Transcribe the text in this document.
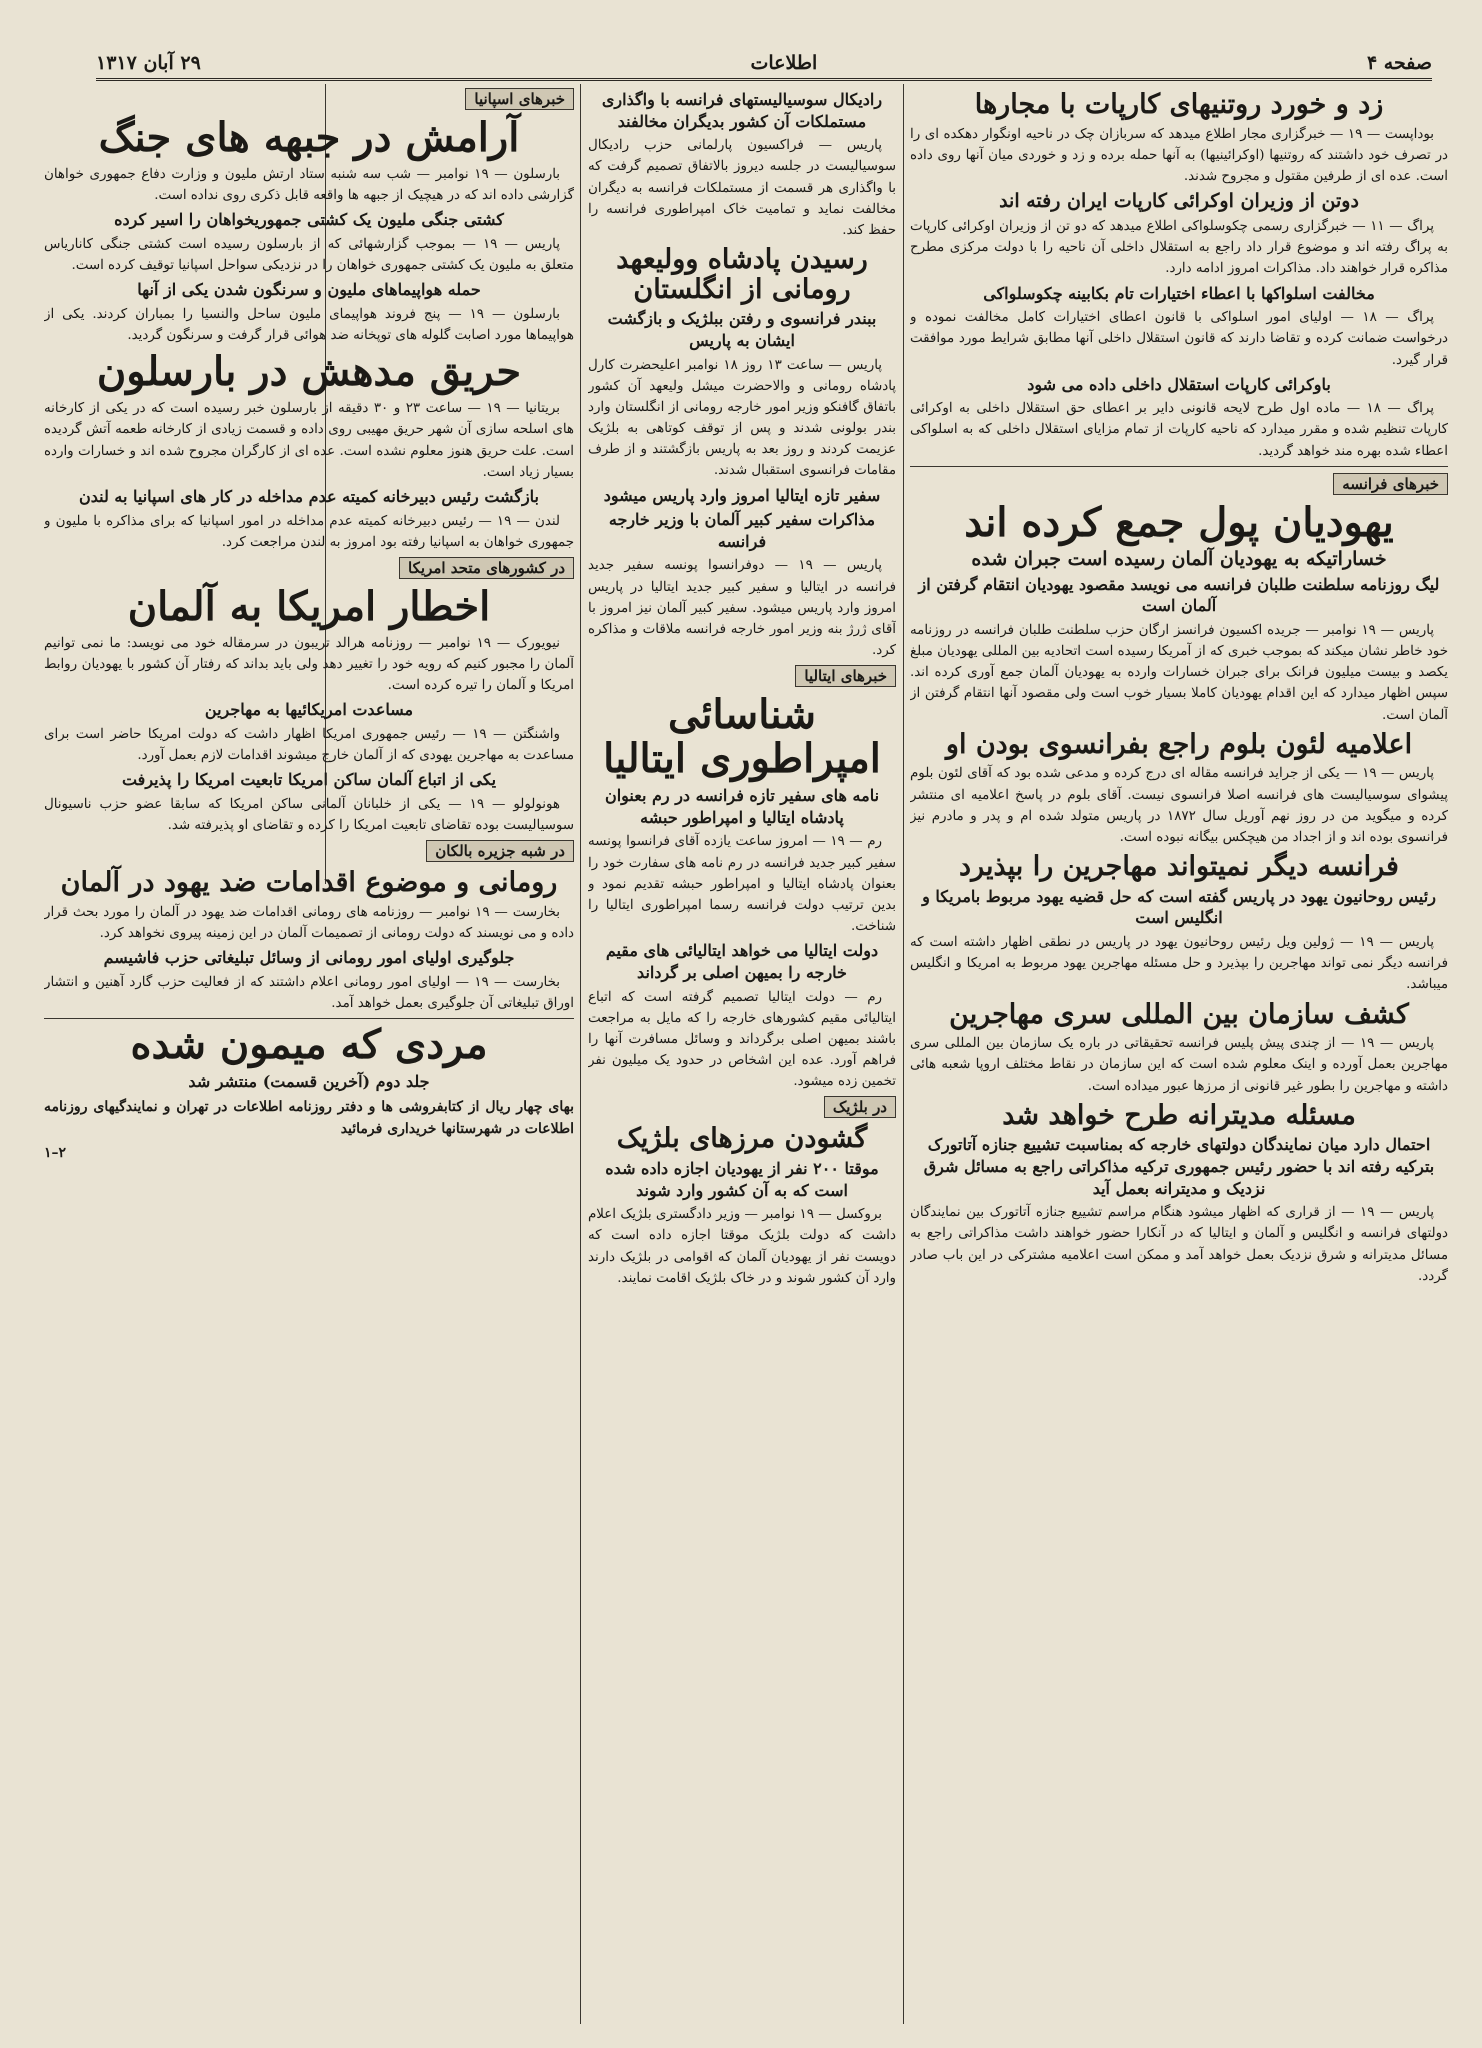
صفحه ۴
اطلاعات
۲۹ آبان ۱۳۱۷
زد و خورد روتنیهای کارپات با مجارها

بوداپست — ۱۹ — خبرگزاری مجار اطلاع میدهد که سربازان چک در ناحیه اونگوار دهکده ای را در تصرف خود داشتند که روتنیها (اوکرائینیها) به آنها حمله برده و زد و خوردی میان آنها روی داده است. عده ای از طرفین مقتول و مجروح شدند.

دوتن از وزیران اوکرائی کارپات ایران رفته اند

پراگ — ۱۱ — خبرگزاری رسمی چکوسلواکی اطلاع میدهد که دو تن از وزیران اوکرائی کارپات به پراگ رفته اند و موضوع قرار داد راجع به استقلال داخلی آن ناحیه را با دولت مرکزی مطرح مذاکره قرار خواهند داد. مذاکرات امروز ادامه دارد.

مخالفت اسلواکها با اعطاء اختیارات تام بکابینه چکوسلواکی

پراگ — ۱۸ — اولیای امور اسلواکی با قانون اعطای اختیارات کامل مخالفت نموده و درخواست ضمانت کرده و تقاضا دارند که قانون استقلال داخلی آنها مطابق شرایط مورد موافقت قرار گیرد.

باوکرائی کارپات استقلال داخلی داده می شود

پراگ — ۱۸ — ماده اول طرح لایحه قانونی دایر بر اعطای حق استقلال داخلی به اوکرائی کارپات تنظیم شده و مقرر میدارد که ناحیه کارپات از تمام مزایای استقلال داخلی که به اسلواکی اعطاء شده بهره مند خواهد گردید.

خبرهای فرانسه
یهودیان پول جمع کرده اند
خساراتیکه به یهودیان آلمان رسیده است جبران شده
لیگ روزنامه سلطنت طلبان فرانسه می نویسد مقصود یهودیان انتقام گرفتن از آلمان است

پاریس — ۱۹ نوامبر — جریده اکسیون فرانسز ارگان حزب سلطنت طلبان فرانسه در روزنامه خود خاطر نشان میکند که بموجب خبری که از آمریکا رسیده است اتحادیه بین المللی یهودیان مبلغ یکصد و بیست میلیون فرانک برای جبران خسارات وارده به یهودیان آلمان جمع آوری کرده اند. سپس اظهار میدارد که این اقدام یهودیان کاملا بسیار خوب است ولی مقصود آنها انتقام گرفتن از آلمان است.

اعلامیه لئون بلوم راجع بفرانسوی بودن او

پاریس — ۱۹ — یکی از جراید فرانسه مقاله ای درج کرده و مدعی شده بود که آقای لئون بلوم پیشوای سوسیالیست های فرانسه اصلا فرانسوی نیست. آقای بلوم در پاسخ اعلامیه ای منتشر کرده و میگوید من در روز نهم آوریل سال ۱۸۷۲ در پاریس متولد شده ام و پدر و مادرم نیز فرانسوی بوده اند و از اجداد من هیچکس بیگانه نبوده است.

فرانسه دیگر نمیتواند مهاجرین را بپذیرد
رئیس روحانیون یهود در پاریس گفته است که حل قضیه یهود مربوط بامریکا و انگلیس است

پاریس — ۱۹ — ژولین ویل رئیس روحانیون یهود در پاریس در نطقی اظهار داشته است که فرانسه دیگر نمی تواند مهاجرین را بپذیرد و حل مسئله مهاجرین یهود مربوط به امریکا و انگلیس میباشد.

کشف سازمان بین المللی سری مهاجرین

پاریس — ۱۹ — از چندی پیش پلیس فرانسه تحقیقاتی در باره یک سازمان بین المللی سری مهاجرین بعمل آورده و اینک معلوم شده است که این سازمان در نقاط مختلف اروپا شعبه هائی داشته و مهاجرین را بطور غیر قانونی از مرزها عبور میداده است.

مسئله مدیترانه طرح خواهد شد
احتمال دارد میان نمایندگان دولتهای خارجه که بمناسبت تشییع جنازه آتاتورک بترکیه رفته اند با حضور رئیس جمهوری ترکیه مذاکراتی راجع به مسائل شرق نزدیک و مدیترانه بعمل آید

پاریس — ۱۹ — از قراری که اظهار میشود هنگام مراسم تشییع جنازه آتاتورک بین نمایندگان دولتهای فرانسه و انگلیس و آلمان و ایتالیا که در آنکارا حضور خواهند داشت مذاکراتی راجع به مسائل مدیترانه و شرق نزدیک بعمل خواهد آمد و ممکن است اعلامیه مشترکی در این باب صادر گردد.

رادیکال سوسیالیستهای فرانسه با واگذاری مستملکات آن کشور بدیگران مخالفند

پاریس — فراکسیون پارلمانی حزب رادیکال سوسیالیست در جلسه دیروز بالاتفاق تصمیم گرفت که با واگذاری هر قسمت از مستملکات فرانسه به دیگران مخالفت نماید و تمامیت خاک امپراطوری فرانسه را حفظ کند.

رسیدن پادشاه وولیعهد رومانی از انگلستان
ببندر فرانسوی و رفتن ببلژیک و بازگشت ایشان به پاریس

پاریس — ساعت ۱۳ روز ۱۸ نوامبر اعلیحضرت کارل پادشاه رومانی و والاحضرت میشل ولیعهد آن کشور باتفاق گافنکو وزیر امور خارجه رومانی از انگلستان وارد بندر بولونی شدند و پس از توقف کوتاهی به بلژیک عزیمت کردند و روز بعد به پاریس بازگشتند و از طرف مقامات فرانسوی استقبال شدند.

سفیر تازه ایتالیا امروز وارد پاریس میشود
مذاکرات سفیر کبیر آلمان با وزیر خارجه فرانسه

پاریس — ۱۹ — دوفرانسوا پونسه سفیر جدید فرانسه در ایتالیا و سفیر کبیر جدید ایتالیا در پاریس امروز وارد پاریس میشود. سفیر کبیر آلمان نیز امروز با آقای ژرژ بنه وزیر امور خارجه فرانسه ملاقات و مذاکره کرد.

خبرهای ایتالیا
شناسائی امپراطوری ایتالیا
نامه های سفیر تازه فرانسه در رم بعنوان پادشاه ایتالیا و امپراطور حبشه

رم — ۱۹ — امروز ساعت یازده آقای فرانسوا پونسه سفیر کبیر جدید فرانسه در رم نامه های سفارت خود را بعنوان پادشاه ایتالیا و امپراطور حبشه تقدیم نمود و بدین ترتیب دولت فرانسه رسما امپراطوری ایتالیا را شناخت.

دولت ایتالیا می خواهد ایتالیائی های مقیم خارجه را بمیهن اصلی بر گرداند

رم — دولت ایتالیا تصمیم گرفته است که اتباع ایتالیائی مقیم کشورهای خارجه را که مایل به مراجعت باشند بمیهن اصلی برگرداند و وسائل مسافرت آنها را فراهم آورد. عده این اشخاص در حدود یک میلیون نفر تخمین زده میشود.

در بلژیک
گشودن مرزهای بلژیک
موقتا ۲۰۰ نفر از یهودیان اجازه داده شده است که به آن کشور وارد شوند

بروکسل — ۱۹ نوامبر — وزیر دادگستری بلژیک اعلام داشت که دولت بلژیک موقتا اجازه داده است که دویست نفر از یهودیان آلمان که اقوامی در بلژیک دارند وارد آن کشور شوند و در خاک بلژیک اقامت نمایند.

خبرهای اسپانیا
آرامش در جبهه های جنگ

بارسلون — ۱۹ نوامبر — شب سه شنبه ستاد ارتش ملیون و وزارت دفاع جمهوری خواهان گزارشی داده اند که در هیچیک از جبهه ها واقعه قابل ذکری روی نداده است.

کشتی جنگی ملیون یک کشتی جمهوریخواهان را اسیر کرده

پاریس — ۱۹ — بموجب گزارشهائی که از بارسلون رسیده است کشتی جنگی کانارياس متعلق به ملیون یک کشتی جمهوری خواهان را در نزدیکی سواحل اسپانیا توقیف کرده است.

حمله هواپیماهای ملیون و سرنگون شدن یکی از آنها

بارسلون — ۱۹ — پنج فروند هواپیمای ملیون ساحل والنسیا را بمباران کردند. یکی از هواپیماها مورد اصابت گلوله های توپخانه ضد هوائی قرار گرفت و سرنگون گردید.

حریق مدهش در بارسلون

بریتانیا — ۱۹ — ساعت ۲۳ و ۳۰ دقیقه از بارسلون خبر رسیده است که در یکی از کارخانه های اسلحه سازی آن شهر حریق مهیبی روی داده و قسمت زیادی از کارخانه طعمه آتش گردیده است. علت حریق هنوز معلوم نشده است. عده ای از کارگران مجروح شده اند و خسارات وارده بسیار زیاد است.

بازگشت رئیس دبیرخانه کمیته عدم مداخله در کار های اسپانیا به لندن

لندن — ۱۹ — رئیس دبیرخانه کمیته عدم مداخله در امور اسپانیا که برای مذاکره با ملیون و جمهوری خواهان به اسپانیا رفته بود امروز به لندن مراجعت کرد.

در کشورهای متحد امریکا
اخطار امریکا به آلمان

نیویورک — ۱۹ نوامبر — روزنامه هرالد تریبون در سرمقاله خود می نویسد: ما نمی توانیم آلمان را مجبور کنیم که رویه خود را تغییر دهد ولی باید بداند که رفتار آن کشور با یهودیان روابط امریکا و آلمان را تیره کرده است.

مساعدت امریکائیها به مهاجرین

واشنگتن — ۱۹ — رئیس جمهوری امریکا اظهار داشت که دولت امریکا حاضر است برای مساعدت به مهاجرین یهودی که از آلمان خارج میشوند اقدامات لازم بعمل آورد.

یکی از اتباع آلمان ساکن امریکا تابعیت امریکا را پذیرفت

هونولولو — ۱۹ — یکی از خلبانان آلمانی ساکن امریکا که سابقا عضو حزب ناسیونال سوسیالیست بوده تقاضای تابعیت امریکا را کرده و تقاضای او پذیرفته شد.

در شبه جزیره بالکان
رومانی و موضوع اقدامات ضد یهود در آلمان

بخارست — ۱۹ نوامبر — روزنامه های رومانی اقدامات ضد یهود در آلمان را مورد بحث قرار داده و می نویسند که دولت رومانی از تصمیمات آلمان در این زمینه پیروی نخواهد کرد.

جلوگیری اولیای امور رومانی از وسائل تبلیغاتی حزب فاشیسم

بخارست — ۱۹ — اولیای امور رومانی اعلام داشتند که از فعالیت حزب گارد آهنین و انتشار اوراق تبلیغاتی آن جلوگیری بعمل خواهد آمد.

مردی که میمون شده
جلد دوم (آخرین قسمت) منتشر شد

بهای چهار ریال از کتابفروشی ها و دفتر روزنامه اطلاعات در تهران و نمایندگیهای روزنامه اطلاعات در شهرستانها خریداری فرمائید

۲–۱
